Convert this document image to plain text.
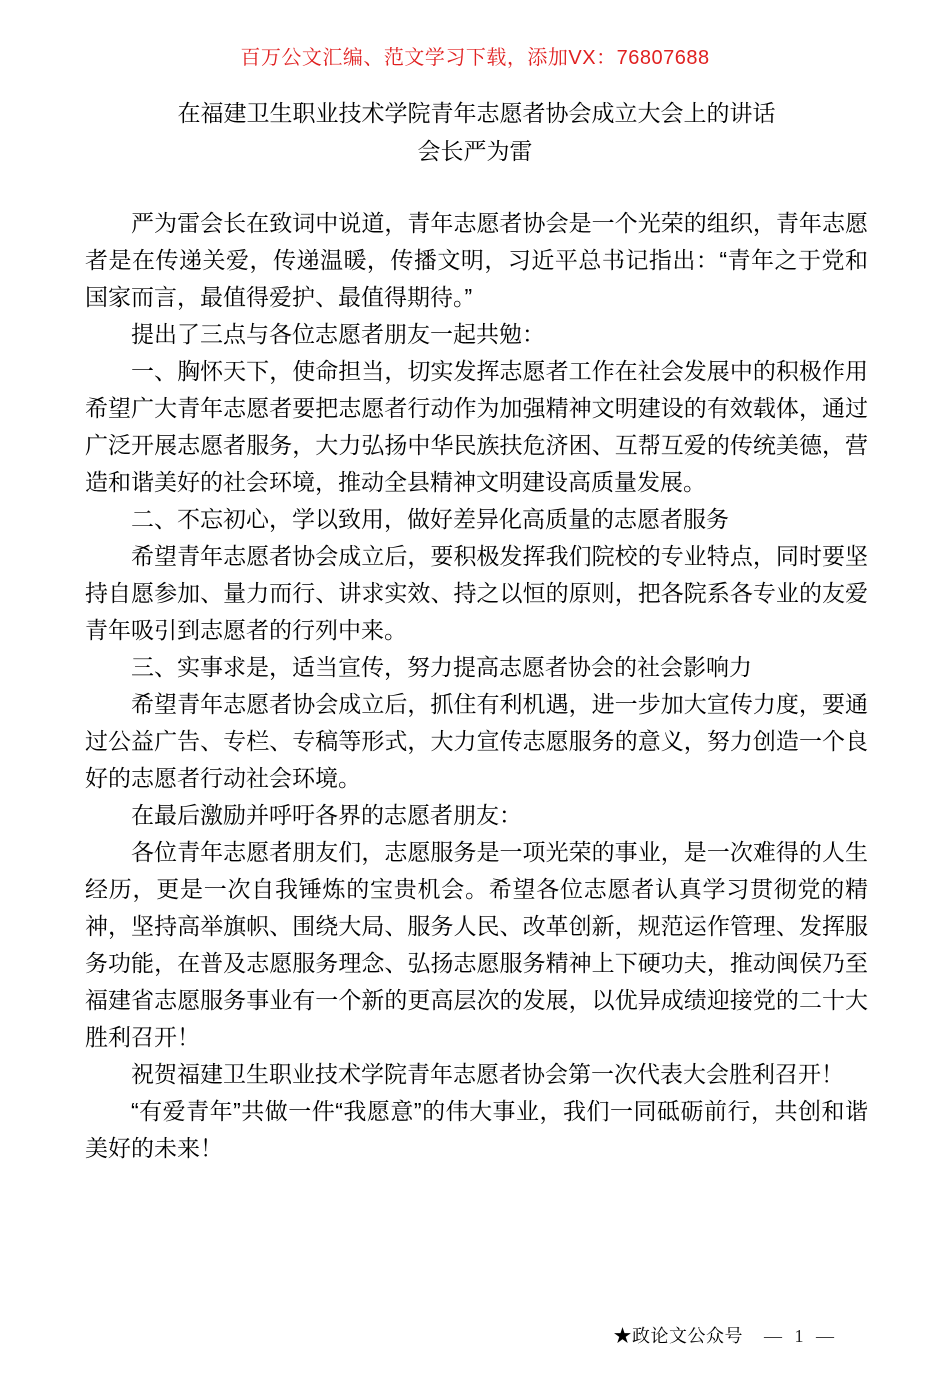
百万公文汇编、范文学习下载，添加VX：76807688
在福建卫生职业技术学院青年志愿者协会成立大会上的讲话
会长严为雷

严为雷会长在致词中说道，青年志愿者协会是一个光荣的组织，青年志愿者是在传递关爱，传递温暖，传播文明，习近平总书记指出：“青年之于党和国家而言，最值得爱护、最值得期待。”

提出了三点与各位志愿者朋友一起共勉：

一、胸怀天下，使命担当，切实发挥志愿者工作在社会发展中的积极作用希望广大青年志愿者要把志愿者行动作为加强精神文明建设的有效载体，通过广泛开展志愿者服务，大力弘扬中华民族扶危济困、互帮互爱的传统美德，营造和谐美好的社会环境，推动全县精神文明建设高质量发展。

二、不忘初心，学以致用，做好差异化高质量的志愿者服务

希望青年志愿者协会成立后，要积极发挥我们院校的专业特点，同时要坚持自愿参加、量力而行、讲求实效、持之以恒的原则，把各院系各专业的友爱青年吸引到志愿者的行列中来。

三、实事求是，适当宣传，努力提高志愿者协会的社会影响力

希望青年志愿者协会成立后，抓住有利机遇，进一步加大宣传力度，要通过公益广告、专栏、专稿等形式，大力宣传志愿服务的意义，努力创造一个良好的志愿者行动社会环境。

在最后激励并呼吁各界的志愿者朋友：

各位青年志愿者朋友们，志愿服务是一项光荣的事业，是一次难得的人生经历，更是一次自我锤炼的宝贵机会。希望各位志愿者认真学习贯彻党的精神，坚持高举旗帜、围绕大局、服务人民、改革创新，规范运作管理、发挥服务功能，在普及志愿服务理念、弘扬志愿服务精神上下硬功夫，推动闽侯乃至福建省志愿服务事业有一个新的更高层次的发展，以优异成绩迎接党的二十大胜利召开！

祝贺福建卫生职业技术学院青年志愿者协会第一次代表大会胜利召开！

“有爱青年”共做一件“我愿意”的伟大事业，我们一同砥砺前行，共创和谐美好的未来！

★政论文公众号 — 1 —
